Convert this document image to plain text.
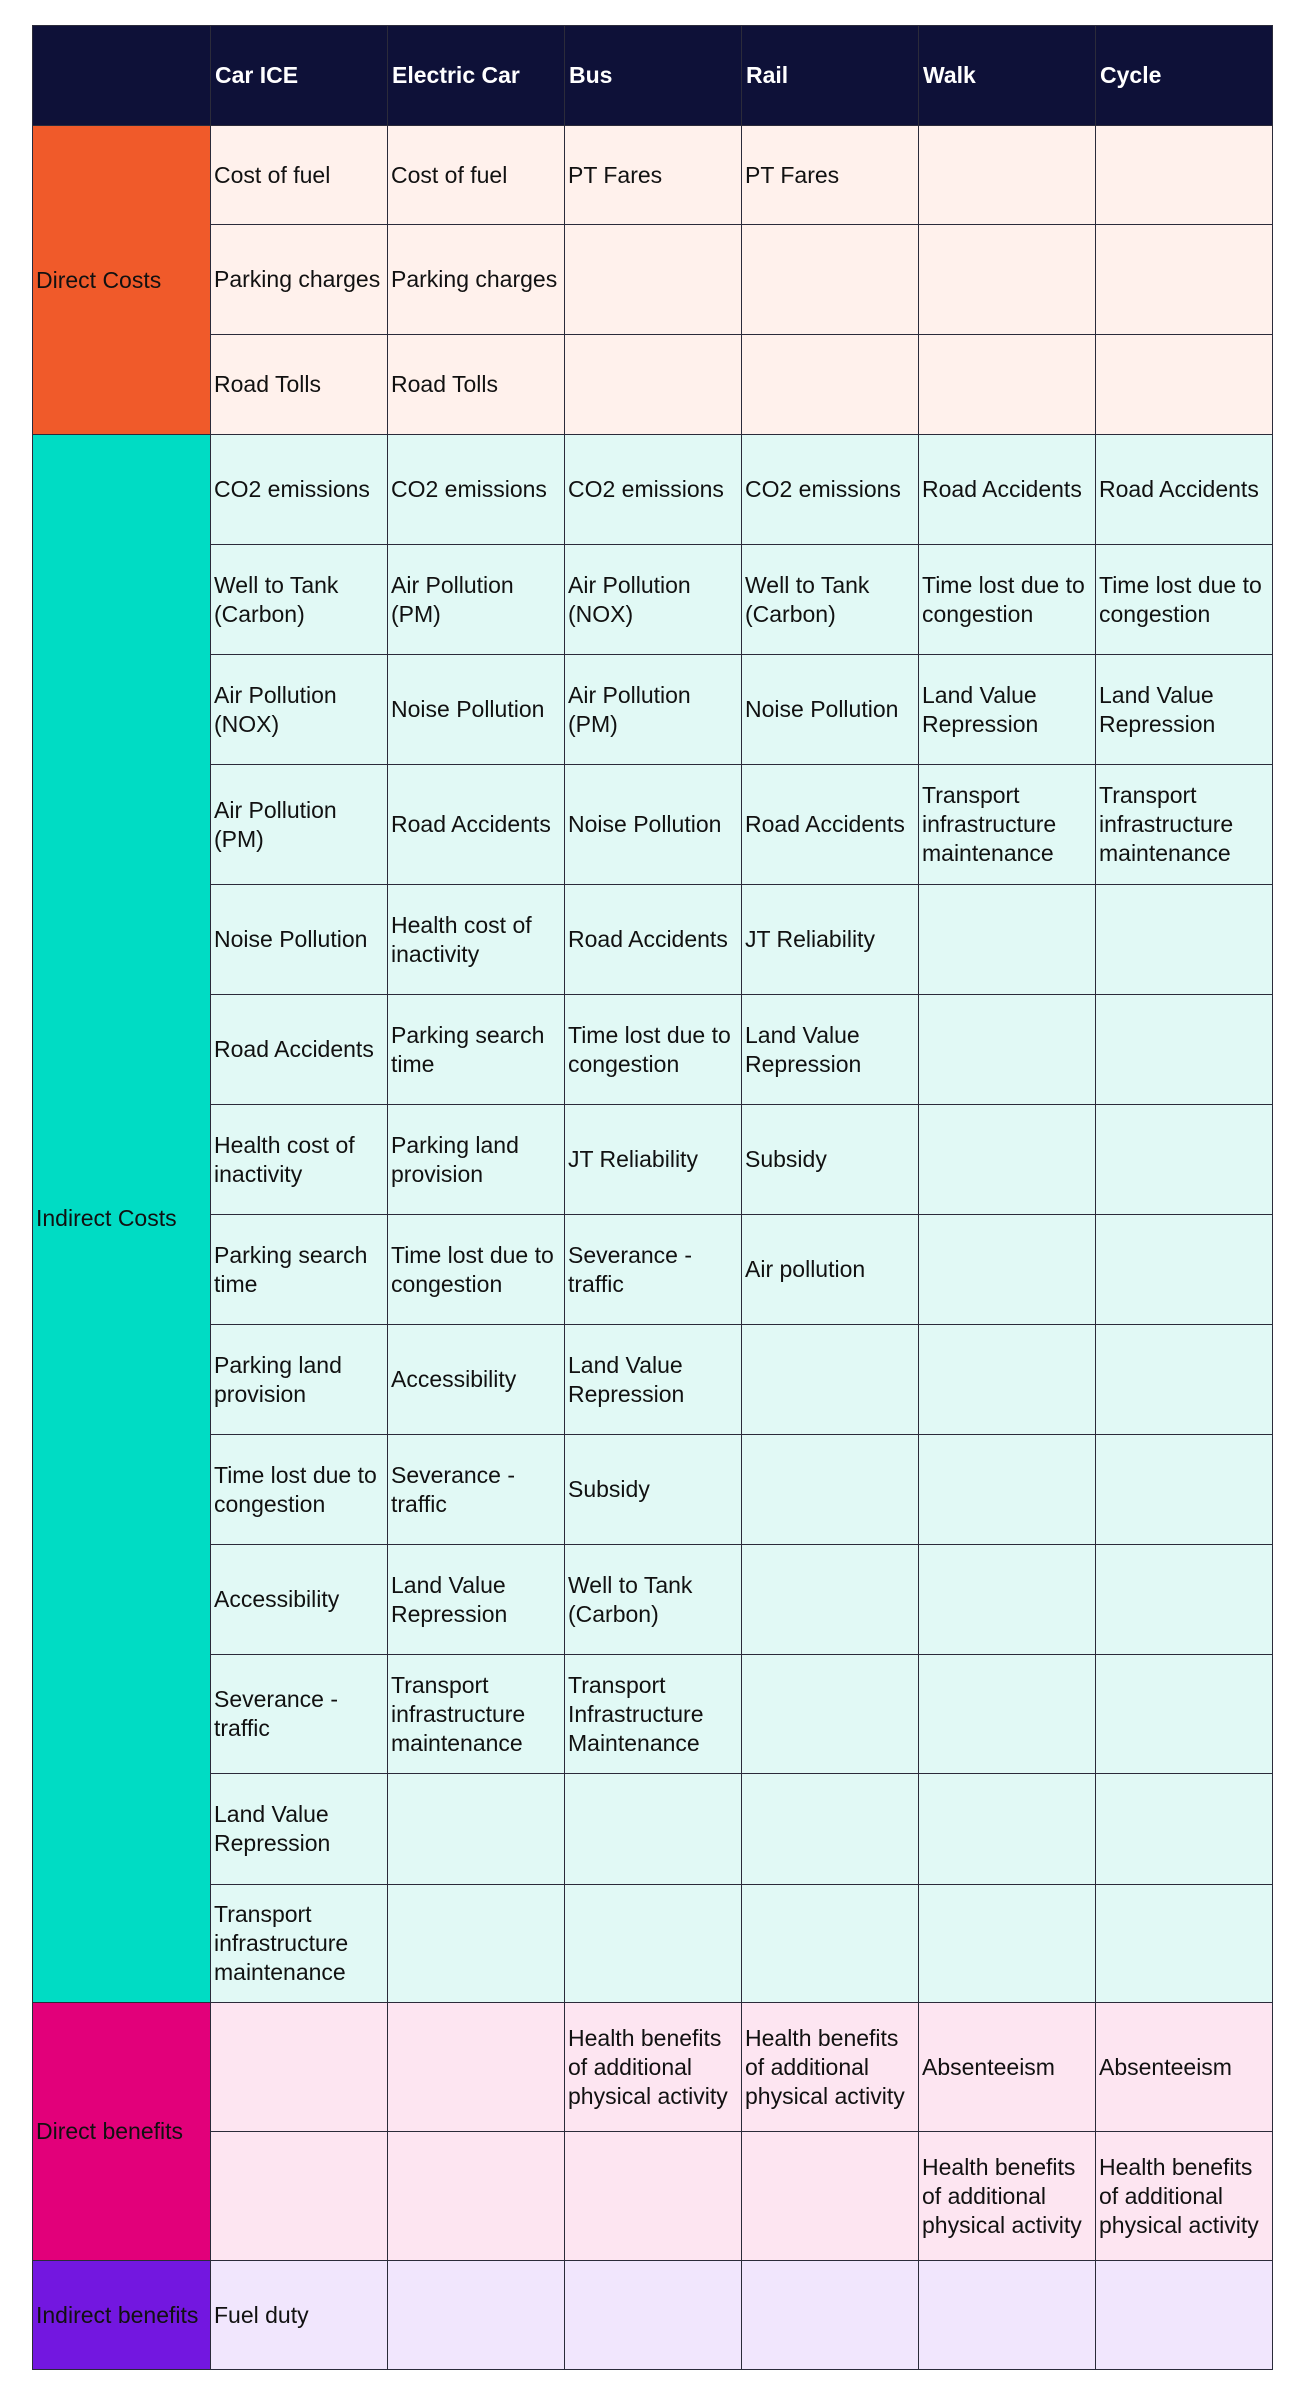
	Car ICE	Electric Car	Bus	Rail	Walk	Cycle
Direct Costs	Cost of fuel	Cost of fuel	PT Fares	PT Fares		
	Parking charges	Parking charges				
	Road Tolls	Road Tolls				
Indirect Costs	CO2 emissions	CO2 emissions	CO2 emissions	CO2 emissions	Road Accidents	Road Accidents
	Well to Tank (Carbon)	Air Pollution (PM)	Air Pollution (NOX)	Well to Tank (Carbon)	Time lost due to congestion	Time lost due to congestion
	Air Pollution (NOX)	Noise Pollution	Air Pollution (PM)	Noise Pollution	Land Value Repression	Land Value Repression
	Air Pollution (PM)	Road Accidents	Noise Pollution	Road Accidents	Transport infrastructure maintenance	Transport infrastructure maintenance
	Noise Pollution	Health cost of inactivity	Road Accidents	JT Reliability		
	Road Accidents	Parking search time	Time lost due to congestion	Land Value Repression		
	Health cost of inactivity	Parking land provision	JT Reliability	Subsidy		
	Parking search time	Time lost due to congestion	Severance - traffic	Air pollution		
	Parking land provision	Accessibility	Land Value Repression			
	Time lost due to congestion	Severance - traffic	Subsidy			
	Accessibility	Land Value Repression	Well to Tank (Carbon)			
	Severance - traffic	Transport infrastructure maintenance	Transport Infrastructure Maintenance			
	Land Value Repression					
	Transport infrastructure maintenance					
Direct benefits			Health benefits of additional physical activity	Health benefits of additional physical activity	Absenteeism	Absenteeism
					Health benefits of additional physical activity	Health benefits of additional physical activity
Indirect benefits	Fuel duty					
